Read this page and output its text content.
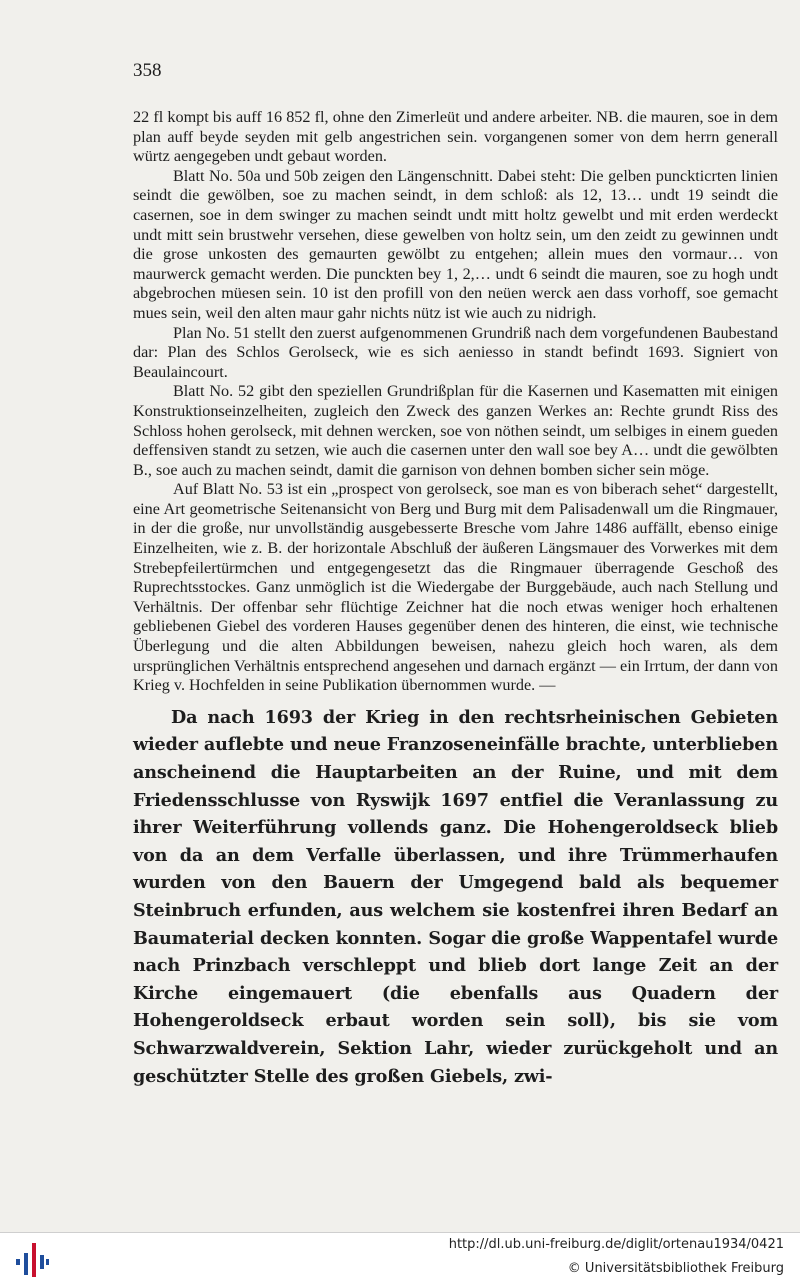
358

22 fl kompt bis auff 16 852 fl, ohne den Zimerleüt und andere arbeiter. NB. die mauren, soe in dem plan auff beyde seyden mit gelb angestrichen sein. vorgangenen somer von dem herrn generall würtz aengegeben undt gebaut worden.

Blatt No. 50a und 50b zeigen den Längenschnitt. Dabei steht: Die gelben punckticrten linien seindt die gewölben, soe zu machen seindt, in dem schloß: als 12, 13… undt 19 seindt die casernen, soe in dem swinger zu machen seindt undt mitt holtz gewelbt und mit erden werdeckt undt mitt sein brustwehr versehen, diese gewelben von holtz sein, um den zeidt zu gewinnen undt die grose unkosten des gemaurten gewölbt zu entgehen; allein mues den vormaur… von maurwerck gemacht werden. Die punckten bey 1, 2,… undt 6 seindt die mauren, soe zu hogh undt abgebrochen müesen sein. 10 ist den profill von den neüen werck aen dass vorhoff, soe gemacht mues sein, weil den alten maur gahr nichts nütz ist wie auch zu nidrigh.

Plan No. 51 stellt den zuerst aufgenommenen Grundriß nach dem vorgefundenen Baubestand dar: Plan des Schlos Gerolseck, wie es sich aeniesso in standt befindt 1693. Signiert von Beaulaincourt.

Blatt No. 52 gibt den speziellen Grundrißplan für die Kasernen und Kasematten mit einigen Konstruktionseinzelheiten, zugleich den Zweck des ganzen Werkes an: Rechte grundt Riss des Schloss hohen gerolseck, mit dehnen wercken, soe von nöthen seindt, um selbiges in einem gueden deffensiven standt zu setzen, wie auch die casernen unter den wall soe bey A… undt die gewölbten B., soe auch zu machen seindt, damit die garnison von dehnen bomben sicher sein möge.

Auf Blatt No. 53 ist ein „prospect von gerolseck, soe man es von biberach sehet“ dargestellt, eine Art geometrische Seitenansicht von Berg und Burg mit dem Palisadenwall um die Ringmauer, in der die große, nur unvollständig ausgebesserte Bresche vom Jahre 1486 auffällt, ebenso einige Einzelheiten, wie z. B. der horizontale Abschluß der äußeren Längsmauer des Vorwerkes mit dem Strebepfeilertürmchen und entgegengesetzt das die Ringmauer überragende Geschoß des Ruprechtsstockes. Ganz unmöglich ist die Wiedergabe der Burggebäude, auch nach Stellung und Verhältnis. Der offenbar sehr flüchtige Zeichner hat die noch etwas weniger hoch erhaltenen gebliebenen Giebel des vorderen Hauses gegenüber denen des hinteren, die einst, wie technische Überlegung und die alten Abbildungen beweisen, nahezu gleich hoch waren, als dem ursprünglichen Verhältnis entsprechend angesehen und darnach ergänzt — ein Irrtum, der dann von Krieg v. Hochfelden in seine Publikation übernommen wurde. —

Da nach 1693 der Krieg in den rechtsrheinischen Gebieten wieder auflebte und neue Franzoseneinfälle brachte, unterblieben anscheinend die Hauptarbeiten an der Ruine, und mit dem Friedensschlusse von Ryswijk 1697 entfiel die Veranlassung zu ihrer Weiterführung vollends ganz. Die Hohengeroldseck blieb von da an dem Verfalle überlassen, und ihre Trümmerhaufen wurden von den Bauern der Umgegend bald als bequemer Steinbruch erfunden, aus welchem sie kostenfrei ihren Bedarf an Baumaterial decken konnten. Sogar die große Wappentafel wurde nach Prinzbach verschleppt und blieb dort lange Zeit an der Kirche eingemauert (die ebenfalls aus Quadern der Hohengeroldseck erbaut worden sein soll), bis sie vom Schwarzwaldverein, Sektion Lahr, wieder zurückgeholt und an geschützter Stelle des großen Giebels, zwi-

http://dl.ub.uni-freiburg.de/diglit/ortenau1934/0421
© Universitätsbibliothek Freiburg
